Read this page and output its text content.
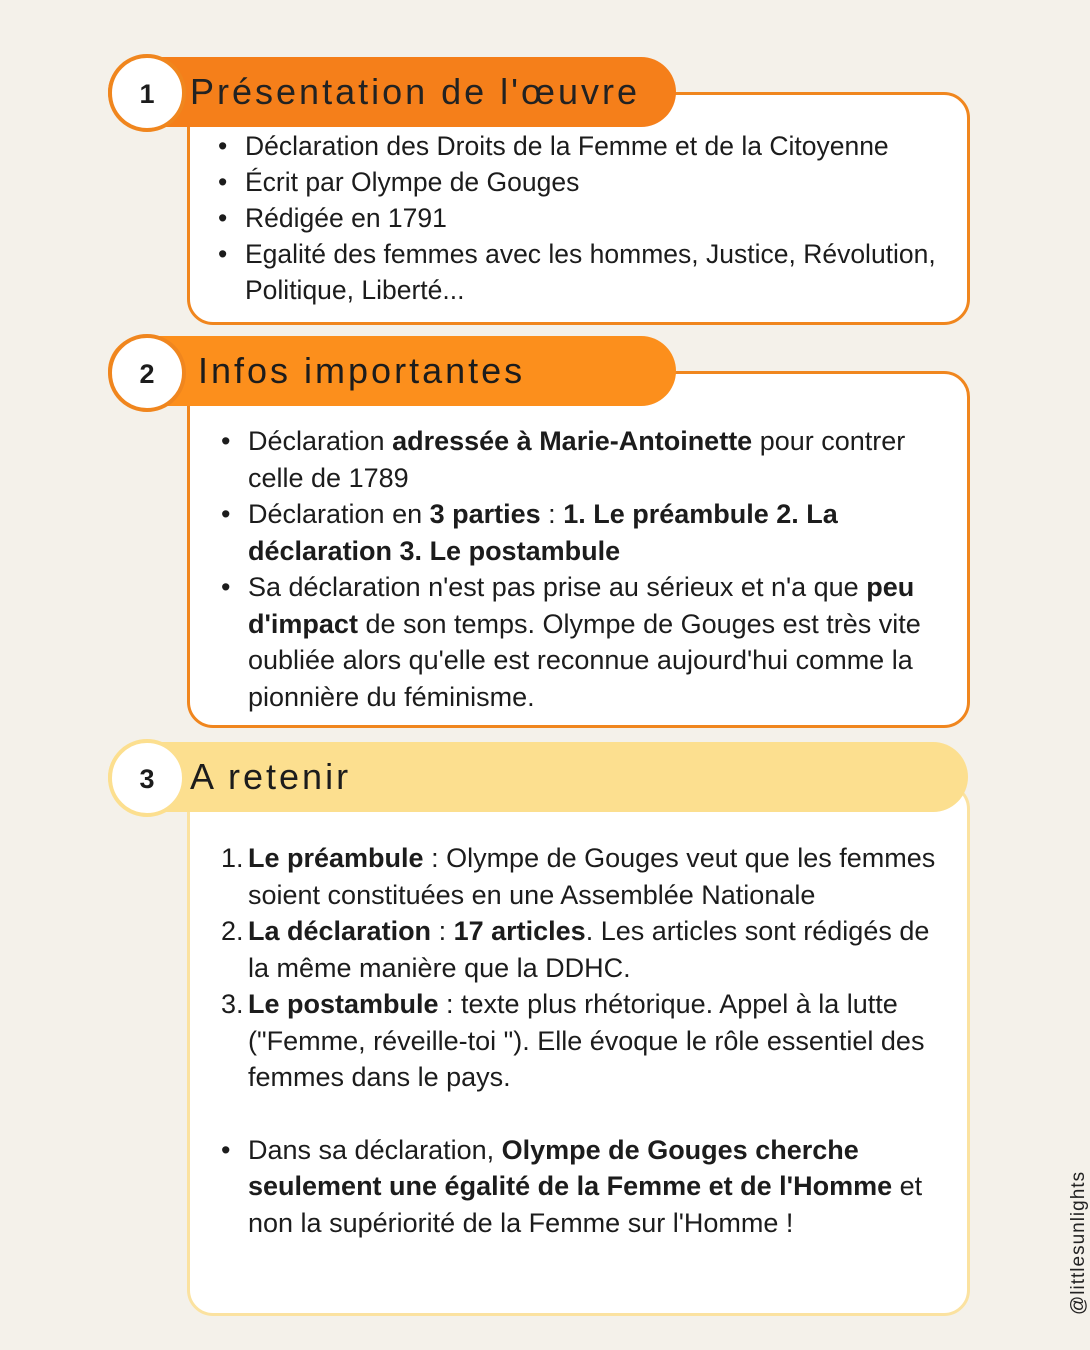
Présentation de l'œuvre
1
• Déclaration des Droits de la Femme et de la Citoyenne
• Écrit par Olympe de Gouges
• Rédigée en 1791
• Egalité des femmes avec les hommes, Justice, Révolution, Politique, Liberté...
Infos importantes
2
• Déclaration adressée à Marie-Antoinette pour contrer celle de 1789
• Déclaration en 3 parties : 1. Le préambule 2. La déclaration 3. Le postambule
• Sa déclaration n'est pas prise au sérieux et n'a que peu d'impact de son temps. Olympe de Gouges est très vite oubliée alors qu'elle est reconnue aujourd'hui comme la pionnière du féminisme.
A retenir
3
1. Le préambule : Olympe de Gouges veut que les femmes soient constituées en une Assemblée Nationale
2. La déclaration : 17 articles. Les articles sont rédigés de la même manière que la DDHC.
3. Le postambule : texte plus rhétorique. Appel à la lutte ("Femme, réveille-toi "). Elle évoque le rôle essentiel des femmes dans le pays.
• Dans sa déclaration, Olympe de Gouges cherche seulement une égalité de la Femme et de l'Homme et non la supériorité de la Femme sur l'Homme !	@littlesunlights
